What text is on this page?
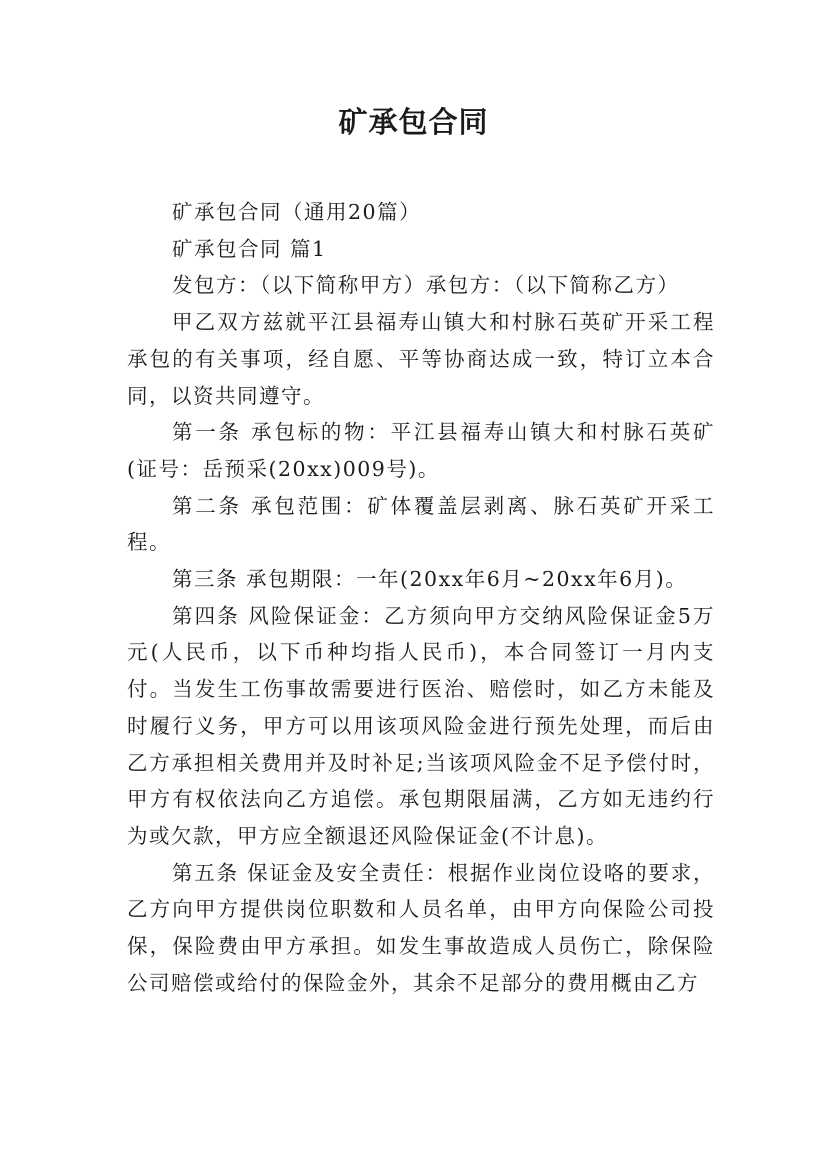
矿承包合同

矿承包合同（通用20篇）

矿承包合同 篇1

发包方：（以下简称甲方）承包方：（以下简称乙方）

甲乙双方兹就平江县福寿山镇大和村脉石英矿开采工程承包的有关事项，经自愿、平等协商达成一致，特订立本合同，以资共同遵守。

第一条 承包标的物：平江县福寿山镇大和村脉石英矿(证号：岳预采(20xx)009号)。

第二条 承包范围：矿体覆盖层剥离、脉石英矿开采工程。

第三条 承包期限：一年(20xx年6月~20xx年6月)。

第四条 风险保证金：乙方须向甲方交纳风险保证金5万元(人民币，以下币种均指人民币)，本合同签订一月内支付。当发生工伤事故需要进行医治、赔偿时，如乙方未能及时履行义务，甲方可以用该项风险金进行预先处理，而后由乙方承担相关费用并及时补足;当该项风险金不足予偿付时，甲方有权依法向乙方追偿。承包期限届满，乙方如无违约行为或欠款，甲方应全额退还风险保证金(不计息)。

第五条 保证金及安全责任：根据作业岗位设咯的要求，乙方向甲方提供岗位职数和人员名单，由甲方向保险公司投保，保险费由甲方承担。如发生事故造成人员伤亡，除保险公司赔偿或给付的保险金外，其余不足部分的费用概由乙方
